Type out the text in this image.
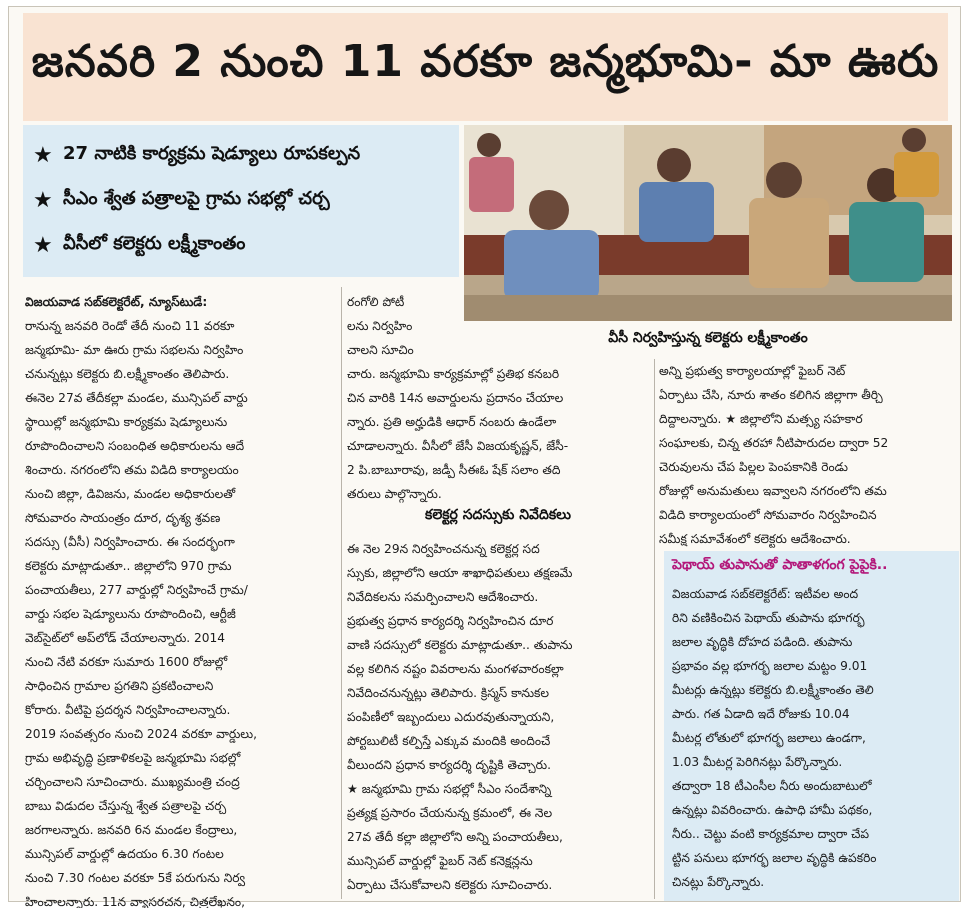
జనవరి 2 నుంచి 11 వరకూ జన్మభూమి- మా ఊరు
★ 27 నాటికి కార్యక్రమ షెడ్యూలు రూపకల్పన
★ సీఎం శ్వేత పత్రాలపై గ్రామ సభల్లో చర్చ
★ వీసీలో కలెక్టరు లక్ష్మీకాంతం
వీసీ నిర్వహిస్తున్న కలెక్టరు లక్ష్మీకాంతం

విజయవాడ సబ్‌కలెక్టరేట్, న్యూస్‌టుడే:

రానున్న జనవరి రెండో తేదీ నుంచి 11 వరకూ

జన్మభూమి- మా ఊరు గ్రామ సభలను నిర్వహిం

చనున్నట్లు కలెక్టరు బి.లక్ష్మీకాంతం తెలిపారు.

ఈనెల 27వ తేదీకల్లా మండల, మున్సిపల్ వార్డు

స్థాయిల్లో జన్మభూమి కార్యక్రమ షెడ్యూలును

రూపొందించాలని సంబంధిత అధికారులను ఆదే

శించారు. నగరంలోని తమ విడిది కార్యాలయం

నుంచి జిల్లా, డివిజను, మండల అధికారులతో

సోమవారం సాయంత్రం దూర, దృశ్య శ్రవణ

సదస్సు (వీసీ) నిర్వహించారు. ఈ సందర్భంగా

కలెక్టరు మాట్లాడుతూ.. జిల్లాలోని 970 గ్రామ

పంచాయతీలు, 277 వార్డుల్లో నిర్వహించే గ్రామ/

వార్డు సభల షెడ్యూలును రూపొందించి, ఆర్టీజీ

వెబ్‌సైట్‌లో అప్‌లోడ్ చేయాలన్నారు. 2014

నుంచి నేటి వరకూ సుమారు 1600 రోజుల్లో

సాధించిన గ్రామాల ప్రగతిని ప్రకటించాలని

కోరారు. వీటిపై ప్రదర్శన నిర్వహించాలన్నారు.

2019 సంవత్సరం నుంచి 2024 వరకూ వార్డులు,

గ్రామ అభివృద్ధి ప్రణాళికలపై జన్మభూమి సభల్లో

చర్చించాలని సూచించారు. ముఖ్యమంత్రి చంద్ర

బాబు విడుదల చేస్తున్న శ్వేత పత్రాలపై చర్చ

జరగాలన్నారు. జనవరి 6న మండల కేంద్రాలు,

మున్సిపల్ వార్డుల్లో ఉదయం 6.30 గంటల

నుంచి 7.30 గంటల వరకూ 5కే పరుగును నిర్వ

హించాలన్నారు. 11న వ్యాసరచన, చిత్రలేఖనం,

రంగోలి పోటీ

లను నిర్వహిం

చాలని సూచిం

చారు. జన్మభూమి కార్యక్రమాల్లో ప్రతిభ కనబరి

చిన వారికి 14న అవార్డులను ప్రదానం చేయాల

న్నారు. ప్రతి అర్హుడికి ఆధార్ నంబరు ఉండేలా

చూడాలన్నారు. వీసీలో జేసీ విజయకృష్ణన్, జేసీ-

2 పి.బాబూరావు, జడ్పీ సీఈఓ షేక్ సలాం తది

తరులు పాల్గొన్నారు.

కలెక్టర్ల సదస్సుకు నివేదికలు

ఈ నెల 29న నిర్వహించనున్న కలెక్టర్ల సద

స్సుకు, జిల్లాలోని ఆయా శాఖాధిపతులు తక్షణమే

నివేదికలను సమర్పించాలని ఆదేశించారు.

ప్రభుత్వ ప్రధాన కార్యదర్శి నిర్వహించిన దూర

వాణి సదస్సులో కలెక్టరు మాట్లాడుతూ.. తుపాను

వల్ల కలిగిన నష్టం వివరాలను మంగళవారంకల్లా

నివేదించనున్నట్లు తెలిపారు. క్రిస్మస్ కానుకల

పంపిణీలో ఇబ్బందులు ఎదురవుతున్నాయని,

పోర్టబులిటీ కల్పిస్తే ఎక్కువ మందికి అందించే

వీలుందని ప్రధాన కార్యదర్శి దృష్టికి తెచ్చారు.

★ జన్మభూమి గ్రామ సభల్లో సీఎం సందేశాన్ని

ప్రత్యక్ష ప్రసారం చేయనున్న క్రమంలో, ఈ నెల

27వ తేదీ కల్లా జిల్లాలోని అన్ని పంచాయతీలు,

మున్సిపల్ వార్డుల్లో ఫైబర్ నెట్ కనెక్షన్లను

ఏర్పాటు చేసుకోవాలని కలెక్టరు సూచించారు.

అన్ని ప్రభుత్వ కార్యాలయాల్లో ఫైబర్ నెట్

ఏర్పాటు చేసి, నూరు శాతం కలిగిన జిల్లాగా తీర్చి

దిద్దాలన్నారు. ★ జిల్లాలోని మత్స్య సహకార

సంఘాలకు, చిన్న తరహా నీటిపారుదల ద్వారా 52

చెరువులను చేప పిల్లల పెంపకానికి రెండు

రోజుల్లో అనుమతులు ఇవ్వాలని నగరంలోని తమ

విడిది కార్యాలయంలో సోమవారం నిర్వహించిన

సమీక్ష సమావేశంలో కలెక్టరు ఆదేశించారు.

పెథాయ్ తుపానుతో పాతాళగంగ పైపైకి..

విజయవాడ సబ్‌కలెక్టరేట్: ఇటీవల అంద

రిని వణికించిన పెథాయ్ తుపాను భూగర్భ

జలాల వృద్ధికి దోహద పడింది. తుపాను

ప్రభావం వల్ల భూగర్భ జలాల మట్టం 9.01

మీటర్లు ఉన్నట్లు కలెక్టరు బి.లక్ష్మీకాంతం తెలి

పారు. గత ఏడాది ఇదే రోజుకు 10.04

మీటర్ల లోతులో భూగర్భ జలాలు ఉండగా,

1.03 మీటర్ల పెరిగినట్లు పేర్కొన్నారు.

తద్వారా 18 టీఎంసీల నీరు అందుబాటులో

ఉన్నట్లు వివరించారు. ఉపాధి హామీ పథకం,

నీరు.. చెట్టు వంటి కార్యక్రమాల ద్వారా చేప

ట్టిన పనులు భూగర్భ జలాల వృద్ధికి ఉపకరిం

చినట్లు పేర్కొన్నారు.
